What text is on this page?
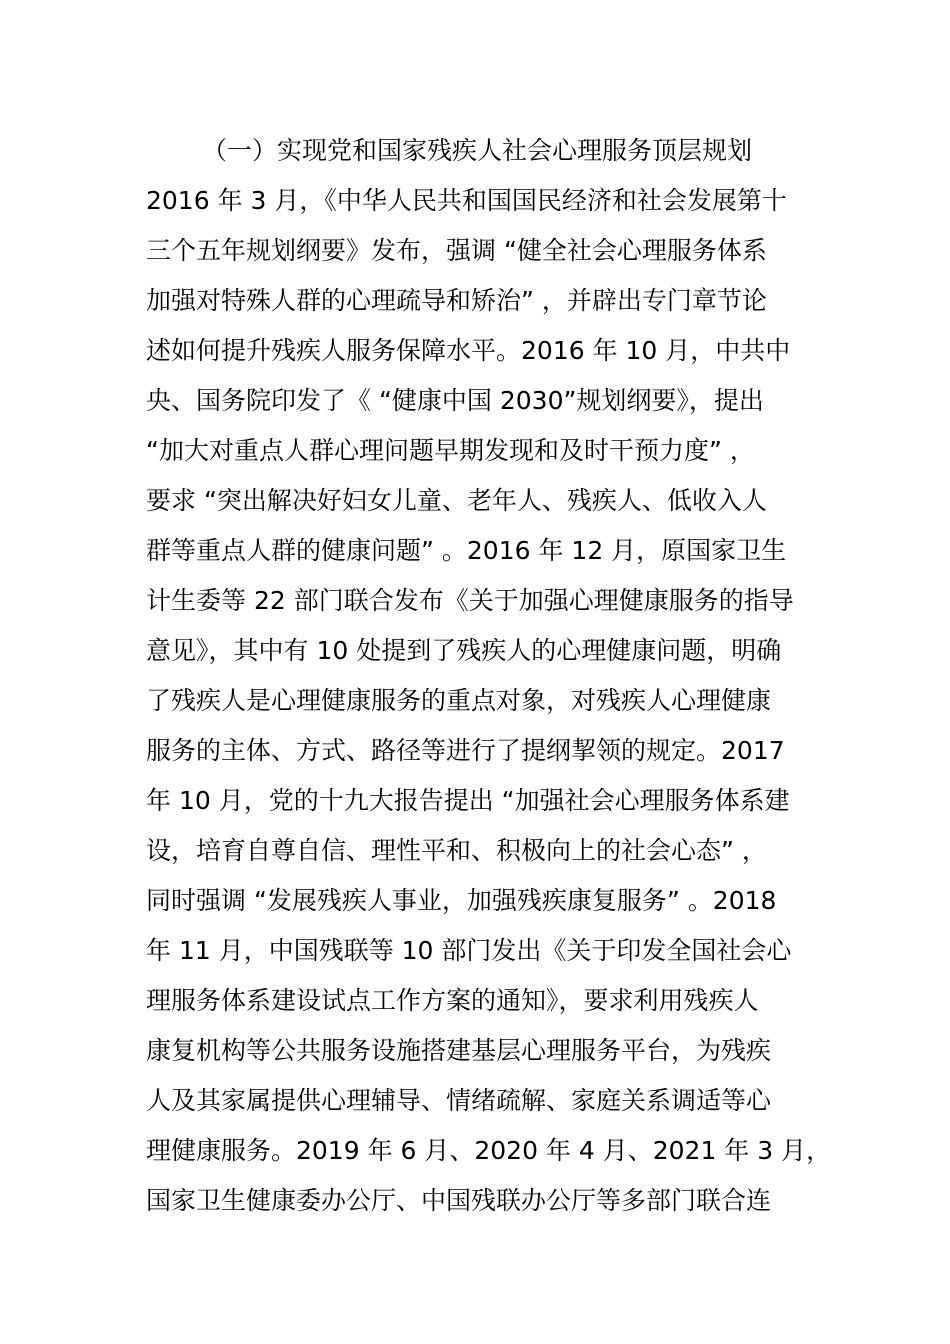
（一）实现党和国家残疾人社会心理服务顶层规划
2016 年 3 月，《中华人民共和国国民经济和社会发展第十
三个五年规划纲要》发布，强调 “健全社会心理服务体系
加强对特殊人群的心理疏导和矫治” ，并辟出专门章节论
述如何提升残疾人服务保障水平。2016 年 10 月，中共中
央、国务院印发了《 “健康中国 2030”规划纲要》，提出
“加大对重点人群心理问题早期发现和及时干预力度” ，
要求 “突出解决好妇女儿童、老年人、残疾人、低收入人
群等重点人群的健康问题” 。2016 年 12 月，原国家卫生
计生委等 22 部门联合发布《关于加强心理健康服务的指导
意见》，其中有 10 处提到了残疾人的心理健康问题，明确
了残疾人是心理健康服务的重点对象，对残疾人心理健康
服务的主体、方式、路径等进行了提纲挈领的规定。2017
年 10 月，党的十九大报告提出 “加强社会心理服务体系建
设，培育自尊自信、理性平和、积极向上的社会心态” ，
同时强调 “发展残疾人事业，加强残疾康复服务” 。2018
年 11 月，中国残联等 10 部门发出《关于印发全国社会心
理服务体系建设试点工作方案的通知》，要求利用残疾人
康复机构等公共服务设施搭建基层心理服务平台，为残疾
人及其家属提供心理辅导、情绪疏解、家庭关系调适等心
理健康服务。2019 年 6 月、2020 年 4 月、2021 年 3 月，
国家卫生健康委办公厅、中国残联办公厅等多部门联合连
